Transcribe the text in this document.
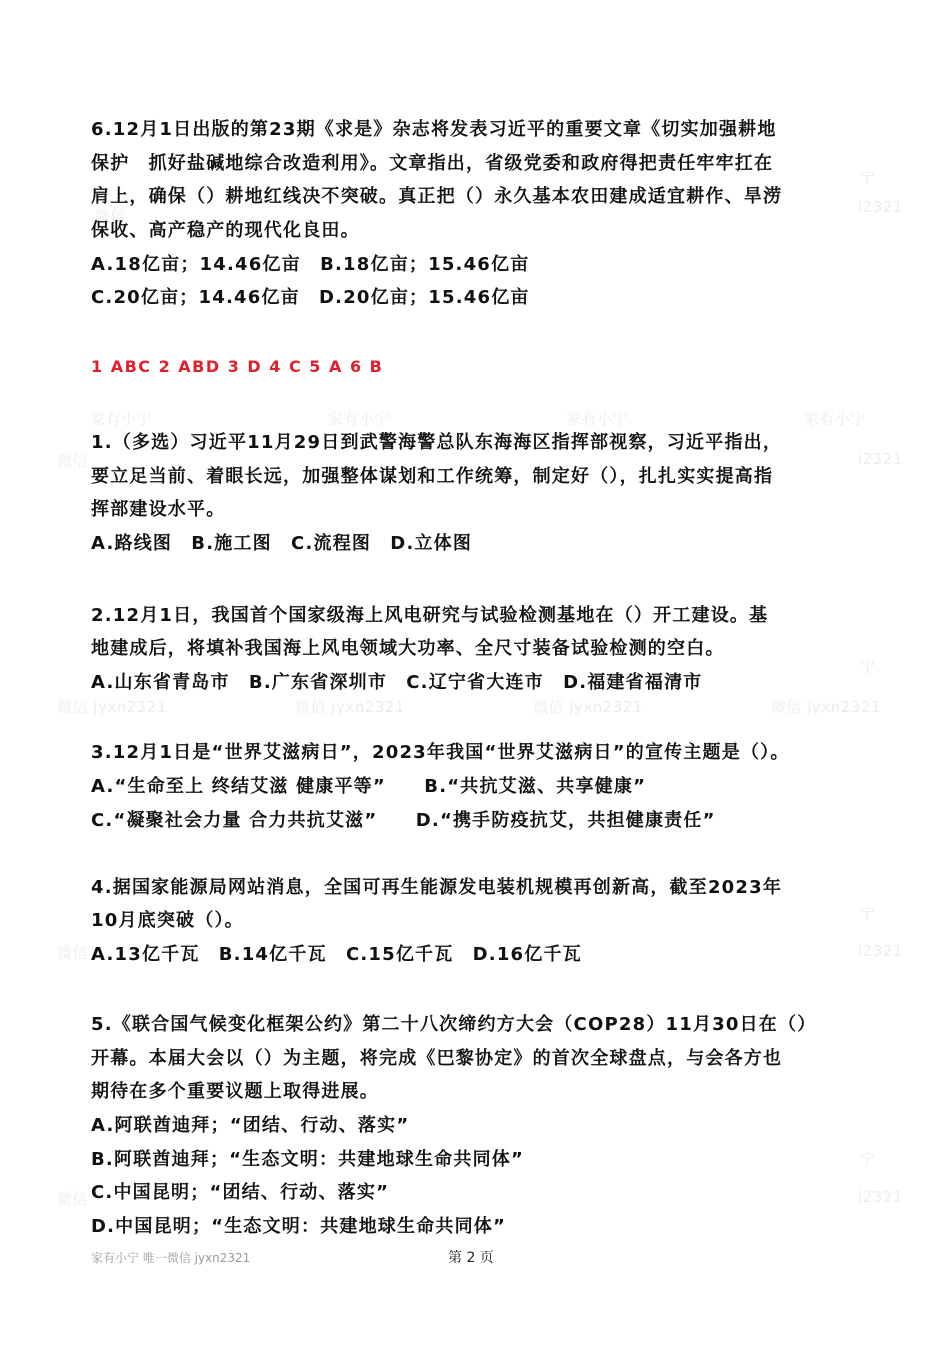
i2321
宁
微信
家有小宁	家有小宁	家有小宁	家有小宁
微信	i2321
宁
微信 jyxn2321	微信 jyxn2321	微信 jyxn2321	微信 jyxn2321
宁
微信	i2321
宁
微信	i2321
6.12月1日出版的第23期《求是》杂志将发表习近平的重要文章《切实加强耕地
保护　抓好盐碱地综合改造利用》。文章指出，省级党委和政府得把责任牢牢扛在
肩上，确保（）耕地红线决不突破。真正把（）永久基本农田建成适宜耕作、旱涝
保收、高产稳产的现代化良田。
A.18亿亩；14.46亿亩　B.18亿亩；15.46亿亩
C.20亿亩；14.46亿亩　D.20亿亩；15.46亿亩
1 ABC 2 ABD 3 D 4 C 5 A 6 B
1.（多选）习近平11月29日到武警海警总队东海海区指挥部视察，习近平指出，
要立足当前、着眼长远，加强整体谋划和工作统筹，制定好（），扎扎实实提高指
挥部建设水平。
A.路线图　B.施工图　C.流程图　D.立体图
2.12月1日，我国首个国家级海上风电研究与试验检测基地在（）开工建设。基
地建成后，将填补我国海上风电领域大功率、全尺寸装备试验检测的空白。
A.山东省青岛市　B.广东省深圳市　C.辽宁省大连市　D.福建省福清市
3.12月1日是“世界艾滋病日”，2023年我国“世界艾滋病日”的宣传主题是（）。
A.“生命至上 终结艾滋 健康平等”　　B.“共抗艾滋、共享健康”
C.“凝聚社会力量 合力共抗艾滋”　　D.“携手防疫抗艾，共担健康责任”
4.据国家能源局网站消息，全国可再生能源发电装机规模再创新高，截至2023年
10月底突破（）。
A.13亿千瓦　B.14亿千瓦　C.15亿千瓦　D.16亿千瓦
5.《联合国气候变化框架公约》第二十八次缔约方大会（COP28）11月30日在（）
开幕。本届大会以（）为主题，将完成《巴黎协定》的首次全球盘点，与会各方也
期待在多个重要议题上取得进展。
A.阿联酋迪拜；“团结、行动、落实”
B.阿联酋迪拜；“生态文明：共建地球生命共同体”
C.中国昆明；“团结、行动、落实”
D.中国昆明；“生态文明：共建地球生命共同体”
家有小宁 唯一微信 jyxn2321	第 2 页
